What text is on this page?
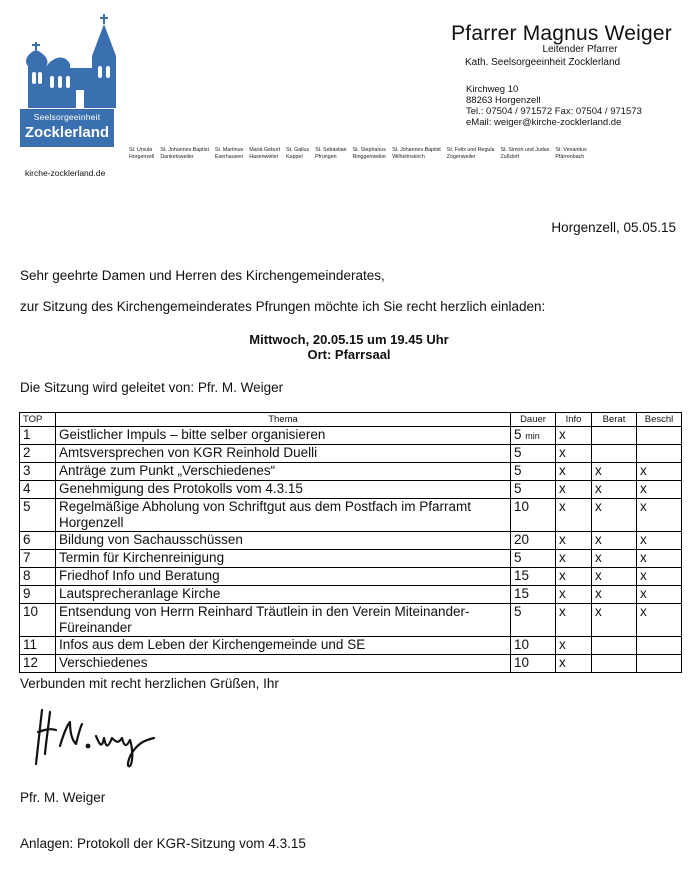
Seelsorgeeinheit
Zocklerland
kirche-zocklerland.de
Pfarrer Magnus Weiger
Leitender Pfarrer
Kath. Seelsorgeeinheit Zocklerland
Kirchweg 10
88263 Horgenzell
Tel.: 07504 / 971572 Fax: 07504 / 971573
eMail: weiger@kirche-zocklerland.de
St. Ursula
Horgenzell
St. Johannes Baptist
Danketsweiler
St. Martinus
Eserhausen
Mariä Geburt
Hasenweiler
St. Gallus
Kappel
St. Sebastian
Pfrungen
St. Stephanus
Ringgenweiler
St. Johannes Baptist
Wilhelmskirch
St. Felix und Regula
Zogenweiler
St. Simon und Judas
Zußdorf
St. Venantius
Pfärrenbach
Horgenzell, 05.05.15
Sehr geehrte Damen und Herren des Kirchengemeinderates,
zur Sitzung des Kirchengemeinderates Pfrungen möchte ich Sie recht herzlich einladen:
Mittwoch, 20.05.15 um 19.45 Uhr
Ort: Pfarrsaal
Die Sitzung wird geleitet von: Pfr. M. Weiger
TOP	Thema	Dauer	Info	Berat	Beschl
1	Geistlicher Impuls – bitte selber organisieren	5 min	x		
2	Amtsversprechen von KGR Reinhold Duelli	5	x		
3	Anträge zum Punkt „Verschiedenes“	5	x	x	x
4	Genehmigung des Protokolls vom 4.3.15	5	x	x	x
5	Regelmäßige Abholung von Schriftgut aus dem Postfach im Pfarramt Horgenzell	10	x	x	x
6	Bildung von Sachausschüssen	20	x	x	x
7	Termin für Kirchenreinigung	5	x	x	x
8	Friedhof Info und Beratung	15	x	x	x
9	Lautsprecheranlage Kirche	15	x	x	x
10	Entsendung von Herrn Reinhard Träutlein in den Verein Miteinander-Füreinander	5	x	x	x
11	Infos aus dem Leben der Kirchengemeinde und SE	10	x		
12	Verschiedenes	10	x		
Verbunden mit recht herzlichen Grüßen, Ihr
Pfr. M. Weiger
Anlagen: Protokoll der KGR-Sitzung vom 4.3.15
